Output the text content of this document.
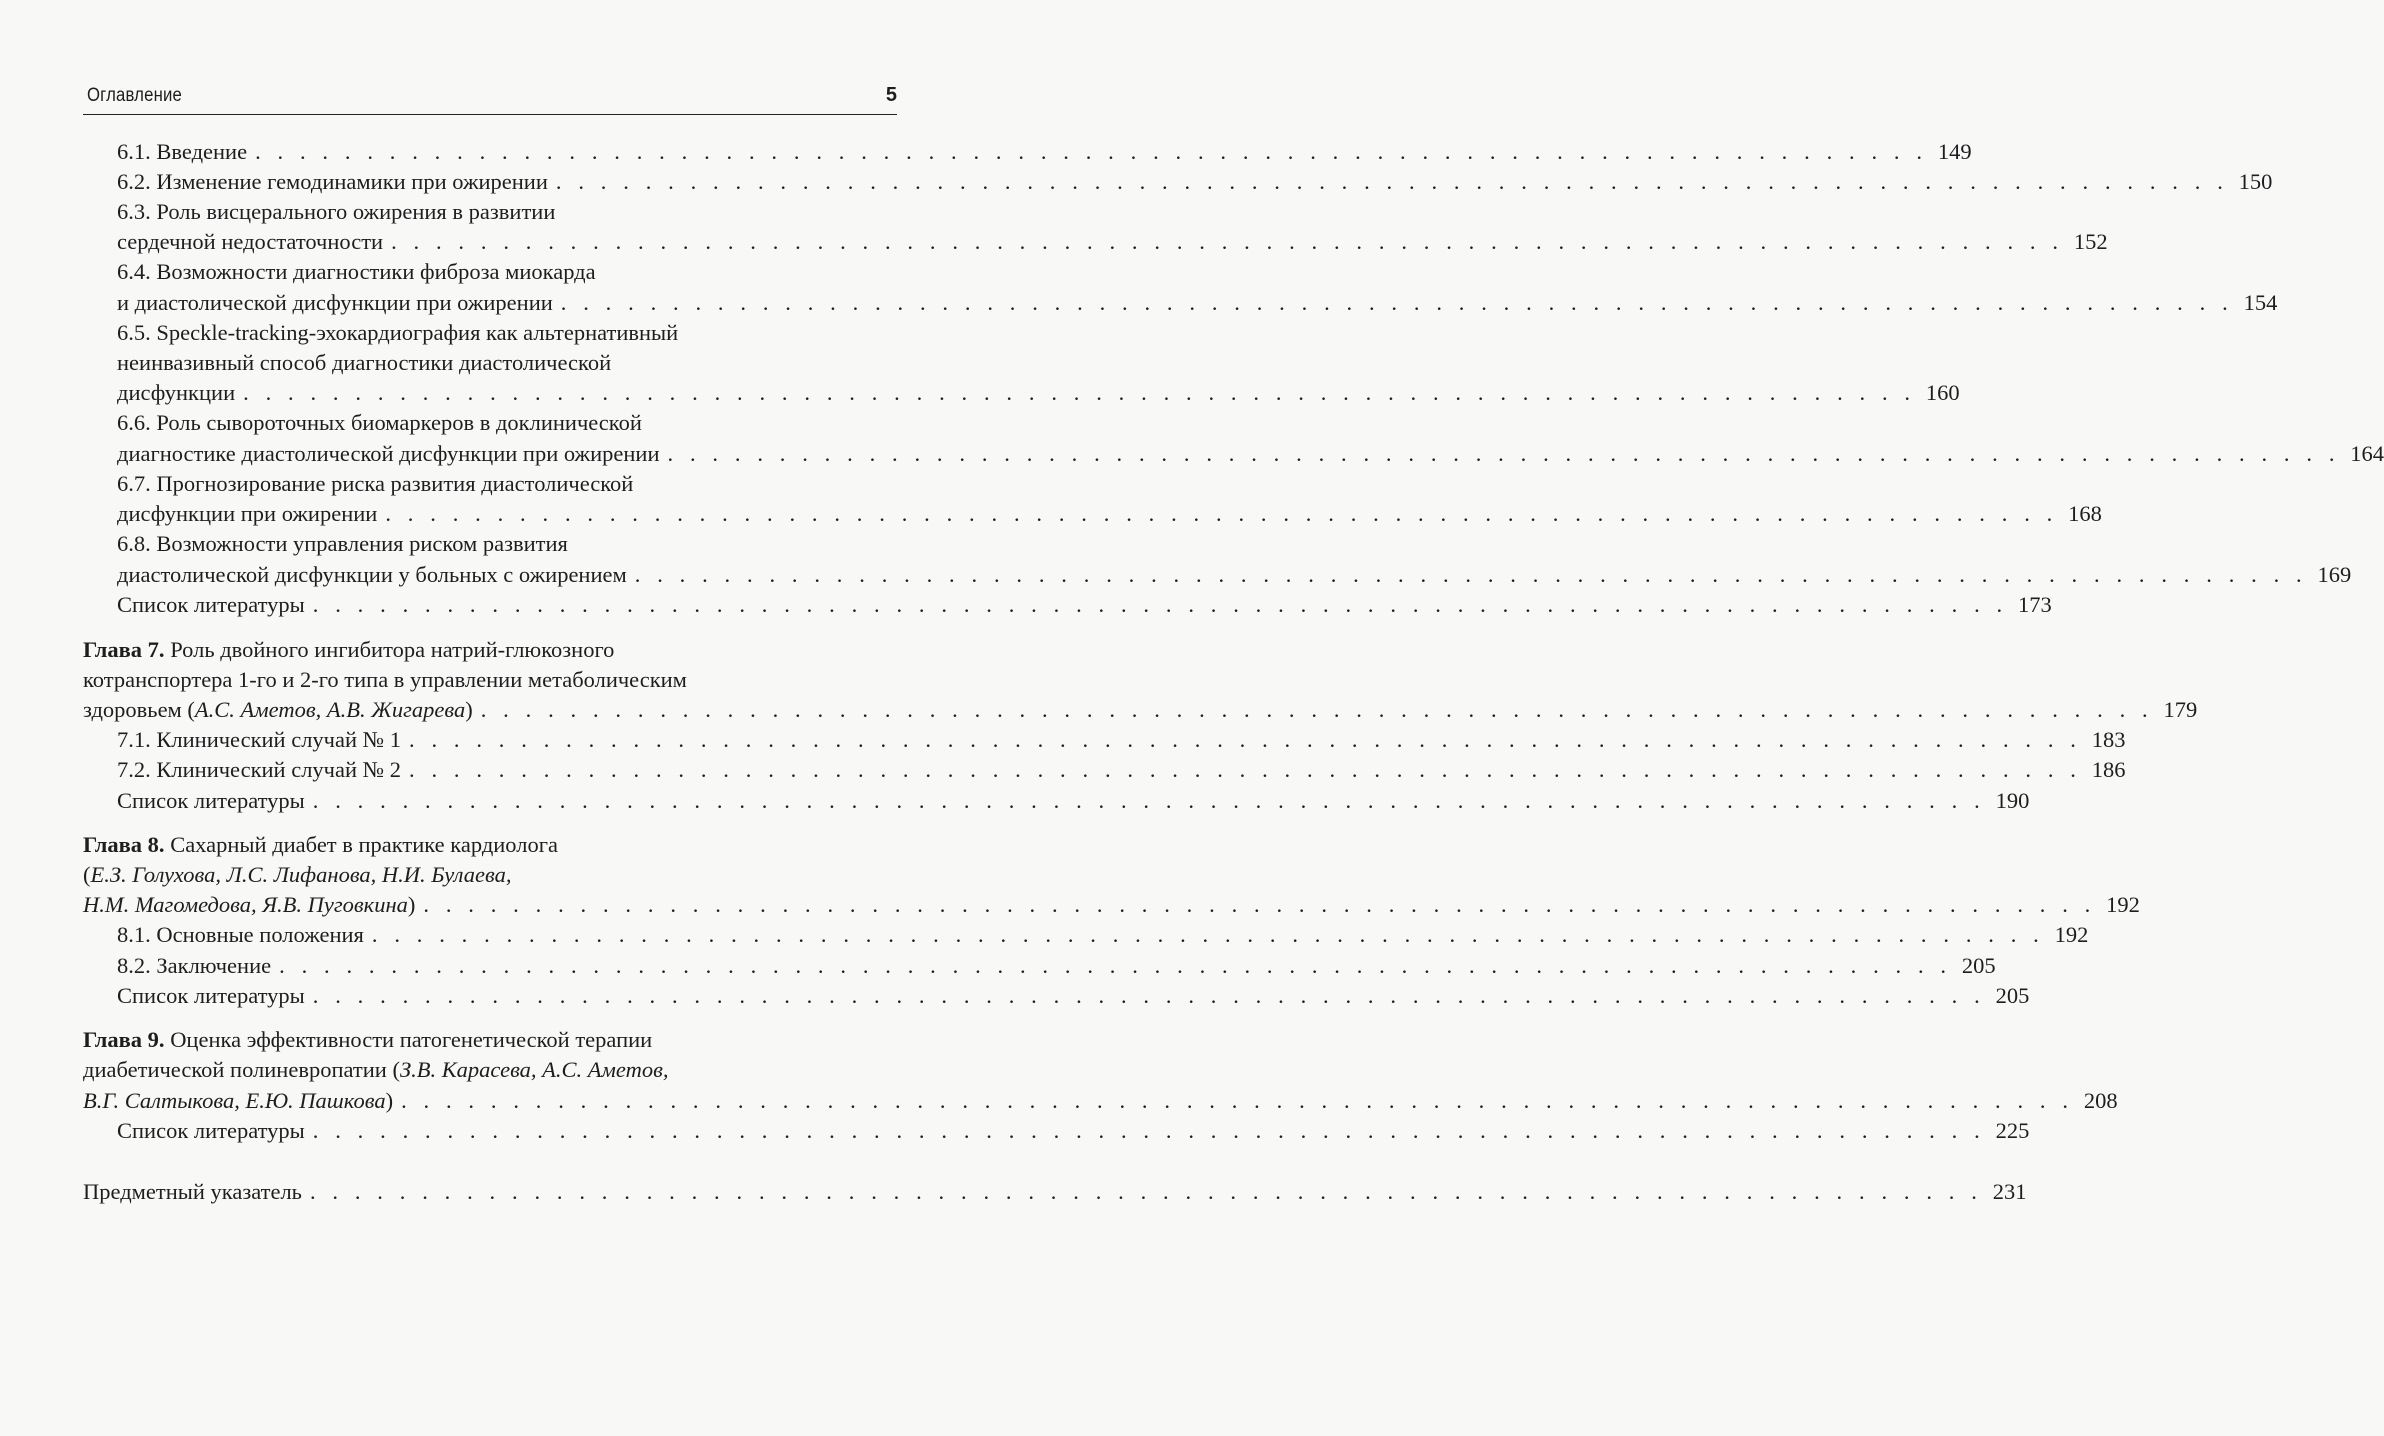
Оглавление	5
6.1. Введение . . . . . . . . . . . . . . . . . . . . . . . . . . . . . . . . . . . . . . . . . . . . . . . . . . . . . . . . . . . . . . . . . . . . . . . . . . . 149
6.2. Изменение гемодинамики при ожирении . . . . . . . . . . . . . . . . . . . . . . . . . . . . . . . . . . . . . . . . . . . . . . . . . . . . . . . . . . . . . . . . . . . . . . . . . . . 150
6.3. Роль висцерального ожирения в развитии
сердечной недостаточности . . . . . . . . . . . . . . . . . . . . . . . . . . . . . . . . . . . . . . . . . . . . . . . . . . . . . . . . . . . . . . . . . . . . . . . . . . . 152
6.4. Возможности диагностики фиброза миокарда
и диастолической дисфункции при ожирении . . . . . . . . . . . . . . . . . . . . . . . . . . . . . . . . . . . . . . . . . . . . . . . . . . . . . . . . . . . . . . . . . . . . . . . . . . . 154
6.5. Speckle-tracking-эхокардиография как альтернативный
неинвазивный способ диагностики диастолической
дисфункции . . . . . . . . . . . . . . . . . . . . . . . . . . . . . . . . . . . . . . . . . . . . . . . . . . . . . . . . . . . . . . . . . . . . . . . . . . . 160
6.6. Роль сывороточных биомаркеров в доклинической
диагностике диастолической дисфункции при ожирении . . . . . . . . . . . . . . . . . . . . . . . . . . . . . . . . . . . . . . . . . . . . . . . . . . . . . . . . . . . . . . . . . . . . . . . . . . . 164
6.7. Прогнозирование риска развития диастолической
дисфункции при ожирении . . . . . . . . . . . . . . . . . . . . . . . . . . . . . . . . . . . . . . . . . . . . . . . . . . . . . . . . . . . . . . . . . . . . . . . . . . . 168
6.8. Возможности управления риском развития
диастолической дисфункции у больных с ожирением . . . . . . . . . . . . . . . . . . . . . . . . . . . . . . . . . . . . . . . . . . . . . . . . . . . . . . . . . . . . . . . . . . . . . . . . . . . 169
Список литературы . . . . . . . . . . . . . . . . . . . . . . . . . . . . . . . . . . . . . . . . . . . . . . . . . . . . . . . . . . . . . . . . . . . . . . . . . . . . 173
Глава 7. Роль двойного ингибитора натрий-глюкозного
котранспортера 1-го и 2-го типа в управлении метаболическим
здоровьем ( А.С. Аметов, А.В. Жигарева ) . . . . . . . . . . . . . . . . . . . . . . . . . . . . . . . . . . . . . . . . . . . . . . . . . . . . . . . . . . . . . . . . . . . . . . . . . . . 179
7.1. Клинический случай № 1 . . . . . . . . . . . . . . . . . . . . . . . . . . . . . . . . . . . . . . . . . . . . . . . . . . . . . . . . . . . . . . . . . . . . . . . . . . . 183
7.2. Клинический случай № 2 . . . . . . . . . . . . . . . . . . . . . . . . . . . . . . . . . . . . . . . . . . . . . . . . . . . . . . . . . . . . . . . . . . . . . . . . . . . 186
Список литературы . . . . . . . . . . . . . . . . . . . . . . . . . . . . . . . . . . . . . . . . . . . . . . . . . . . . . . . . . . . . . . . . . . . . . . . . . . . 190
Глава 8. Сахарный диабет в практике кардиолога
(Е.З. Голухова, Л.С. Лифанова, Н.И. Булаева,
Н.М. Магомедова, Я.В. Пуговкина ) . . . . . . . . . . . . . . . . . . . . . . . . . . . . . . . . . . . . . . . . . . . . . . . . . . . . . . . . . . . . . . . . . . . . . . . . . . . 192
8.1. Основные положения . . . . . . . . . . . . . . . . . . . . . . . . . . . . . . . . . . . . . . . . . . . . . . . . . . . . . . . . . . . . . . . . . . . . . . . . . . . 192
8.2. Заключение . . . . . . . . . . . . . . . . . . . . . . . . . . . . . . . . . . . . . . . . . . . . . . . . . . . . . . . . . . . . . . . . . . . . . . . . . . . 205
Список литературы . . . . . . . . . . . . . . . . . . . . . . . . . . . . . . . . . . . . . . . . . . . . . . . . . . . . . . . . . . . . . . . . . . . . . . . . . . . 205
Глава 9. Оценка эффективности патогенетической терапии
диабетической полиневропатии (З.В. Карасева, А.С. Аметов,
В.Г. Салтыкова, Е.Ю. Пашкова ) . . . . . . . . . . . . . . . . . . . . . . . . . . . . . . . . . . . . . . . . . . . . . . . . . . . . . . . . . . . . . . . . . . . . . . . . . . . 208
Список литературы . . . . . . . . . . . . . . . . . . . . . . . . . . . . . . . . . . . . . . . . . . . . . . . . . . . . . . . . . . . . . . . . . . . . . . . . . . . 225
Предметный указатель . . . . . . . . . . . . . . . . . . . . . . . . . . . . . . . . . . . . . . . . . . . . . . . . . . . . . . . . . . . . . . . . . . . . . . . . . . . 231
